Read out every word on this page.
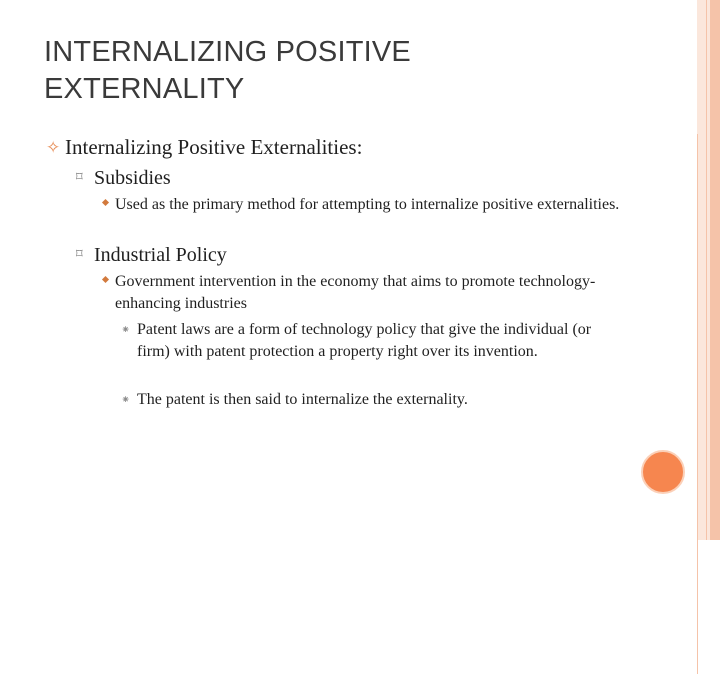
INTERNALIZING POSITIVE
EXTERNALITY
✧ Internalizing Positive Externalities:
⌑ Subsidies
Used as the primary method for attempting to internalize positive externalities.
⌑ Industrial Policy
Government intervention in the economy that aims to promote technology-enhancing industries
⁕ Patent laws are a form of technology policy that give the individual (or firm) with patent protection a property right over its invention.
⁕ The patent is then said to internalize the externality.
